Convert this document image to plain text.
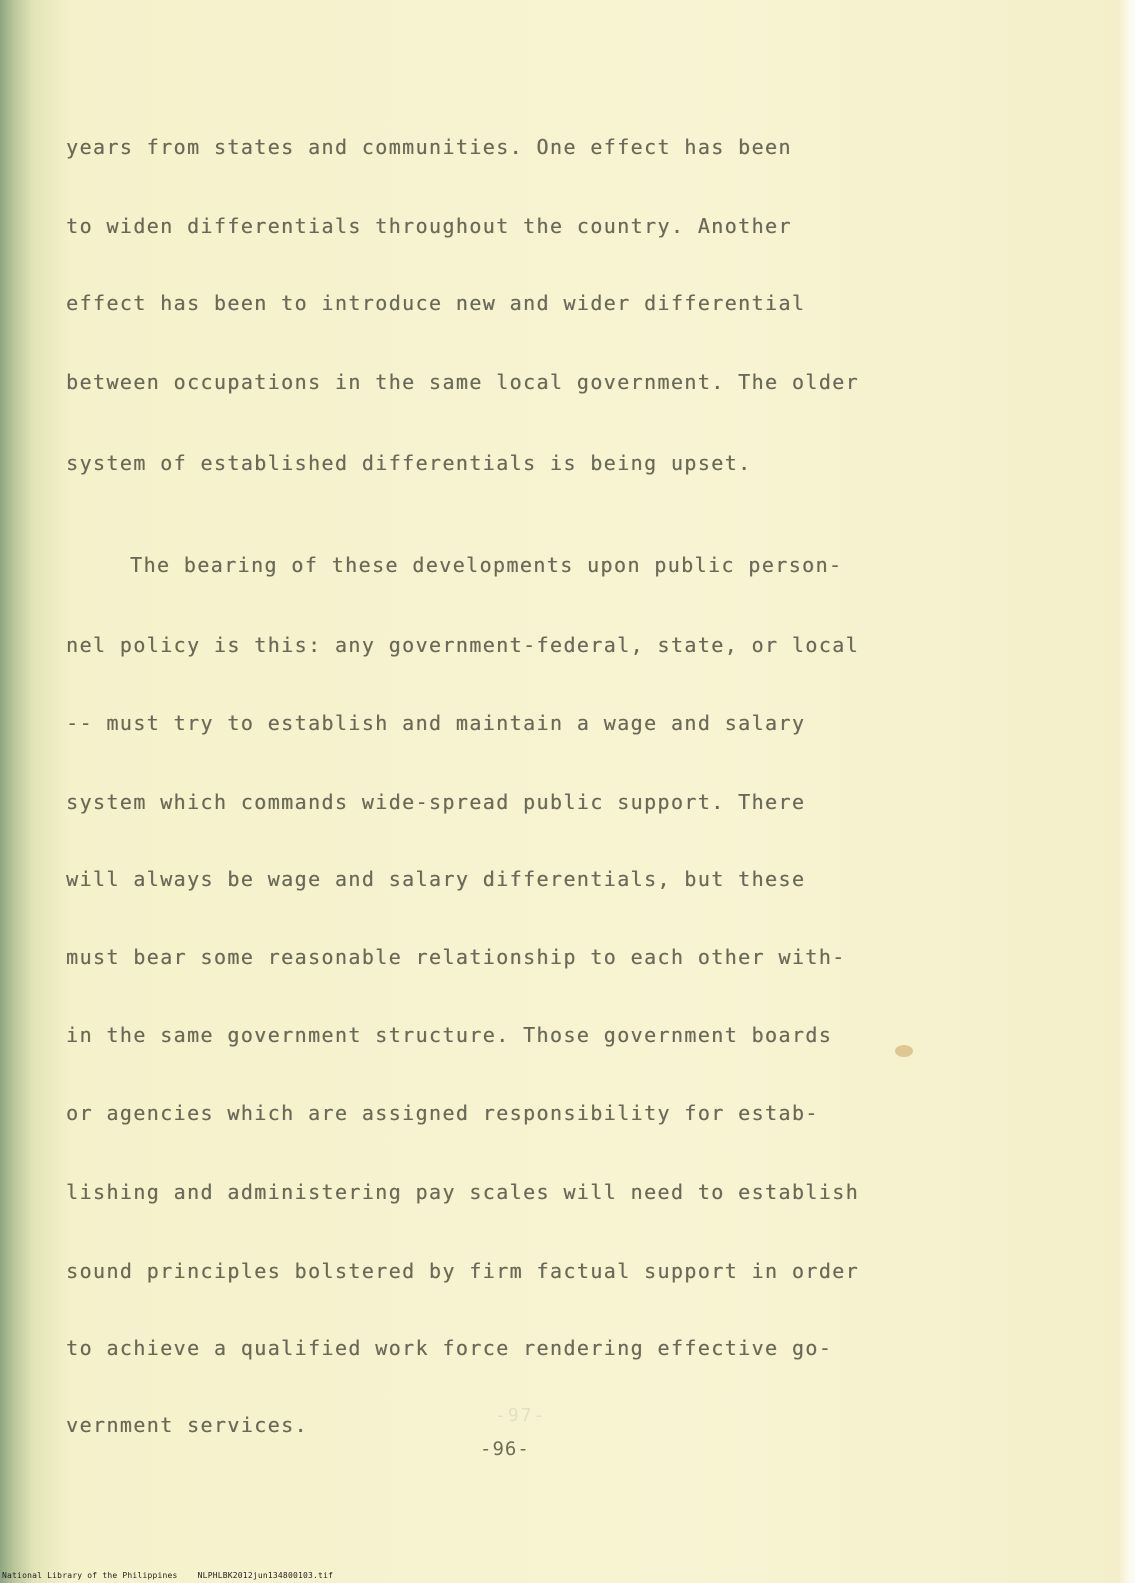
years from states and communities. One effect has been
to widen differentials throughout the country. Another
effect has been to introduce new and wider differential
between occupations in the same local government. The older
system of established differentials is being upset.
The bearing of these developments upon public person-
nel policy is this: any government-federal, state, or local
-- must try to establish and maintain a wage and salary
system which commands wide-spread public support. There
will always be wage and salary differentials, but these
must bear some reasonable relationship to each other with-
in the same government structure. Those government boards
or agencies which are assigned responsibility for estab-
lishing and administering pay scales will need to establish
sound principles bolstered by firm factual support in order
to achieve a qualified work force rendering effective go-
vernment services.	-97-
-96-
National Library of the Philippines	NLPHLBK2012jun134800103.tif
